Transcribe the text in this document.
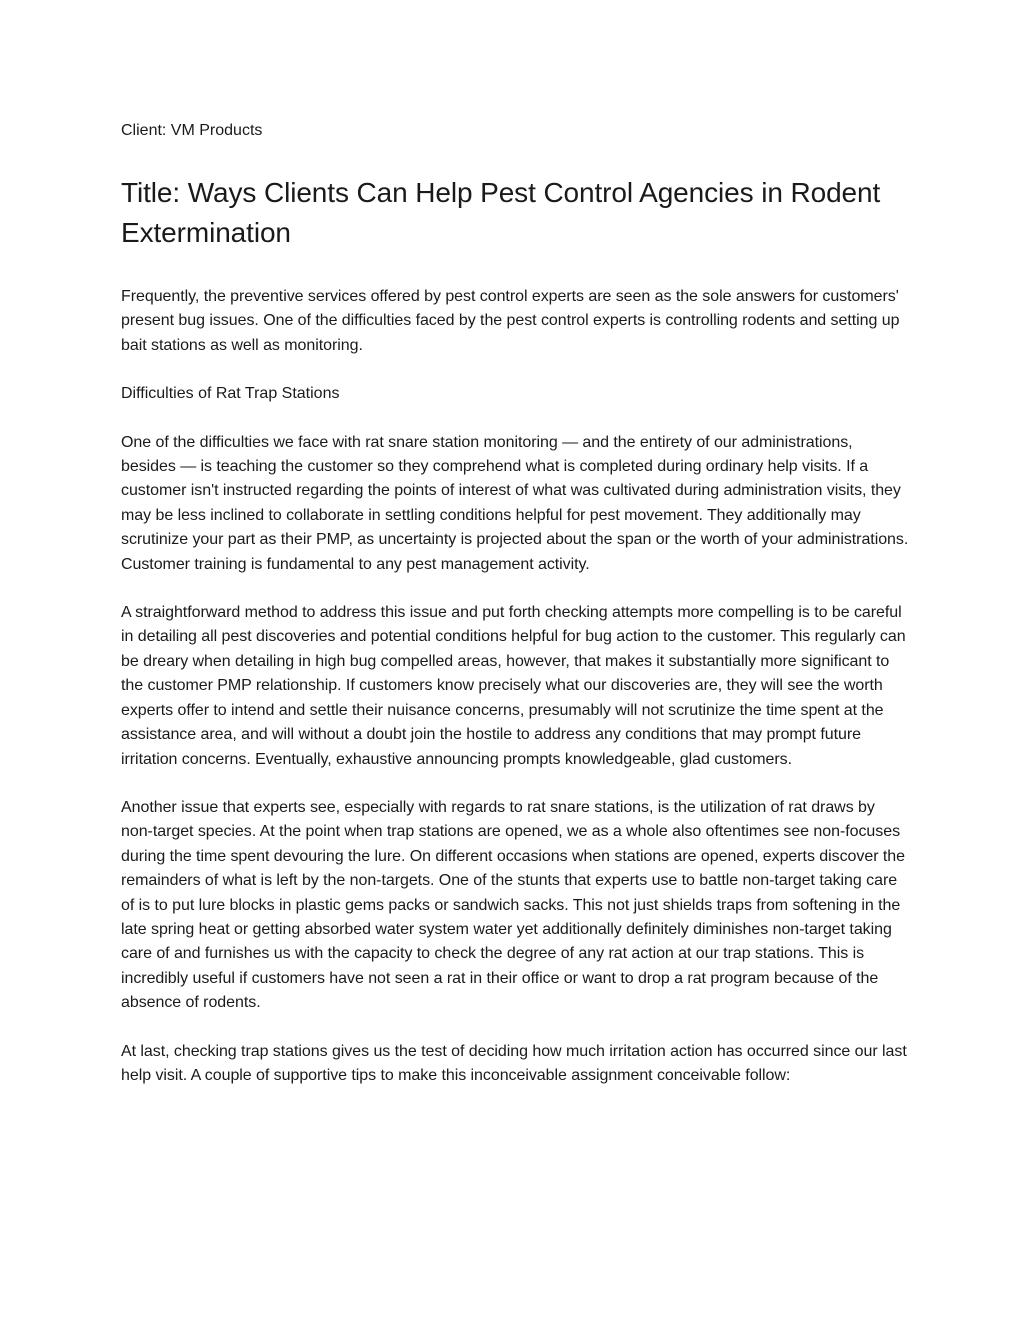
Client: VM Products

Title: Ways Clients Can Help Pest Control Agencies in Rodent Extermination

Frequently, the preventive services offered by pest control experts are seen as the sole answers for customers' present bug issues. One of the difficulties faced by the pest control experts is controlling rodents and setting up bait stations as well as monitoring.

Difficulties of Rat Trap Stations

One of the difficulties we face with rat snare station monitoring — and the entirety of our administrations, besides — is teaching the customer so they comprehend what is completed during ordinary help visits. If a customer isn't instructed regarding the points of interest of what was cultivated during administration visits, they may be less inclined to collaborate in settling conditions helpful for pest movement. They additionally may scrutinize your part as their PMP, as uncertainty is projected about the span or the worth of your administrations. Customer training is fundamental to any pest management activity.

A straightforward method to address this issue and put forth checking attempts more compelling is to be careful in detailing all pest discoveries and potential conditions helpful for bug action to the customer. This regularly can be dreary when detailing in high bug compelled areas, however, that makes it substantially more significant to the customer PMP relationship. If customers know precisely what our discoveries are, they will see the worth experts offer to intend and settle their nuisance concerns, presumably will not scrutinize the time spent at the assistance area, and will without a doubt join the hostile to address any conditions that may prompt future irritation concerns. Eventually, exhaustive announcing prompts knowledgeable, glad customers.

Another issue that experts see, especially with regards to rat snare stations, is the utilization of rat draws by non-target species. At the point when trap stations are opened, we as a whole also oftentimes see non-focuses during the time spent devouring the lure. On different occasions when stations are opened, experts discover the remainders of what is left by the non-targets. One of the stunts that experts use to battle non-target taking care of is to put lure blocks in plastic gems packs or sandwich sacks. This not just shields traps from softening in the late spring heat or getting absorbed water system water yet additionally definitely diminishes non-target taking care of and furnishes us with the capacity to check the degree of any rat action at our trap stations. This is incredibly useful if customers have not seen a rat in their office or want to drop a rat program because of the absence of rodents.

At last, checking trap stations gives us the test of deciding how much irritation action has occurred since our last help visit. A couple of supportive tips to make this inconceivable assignment conceivable follow:
